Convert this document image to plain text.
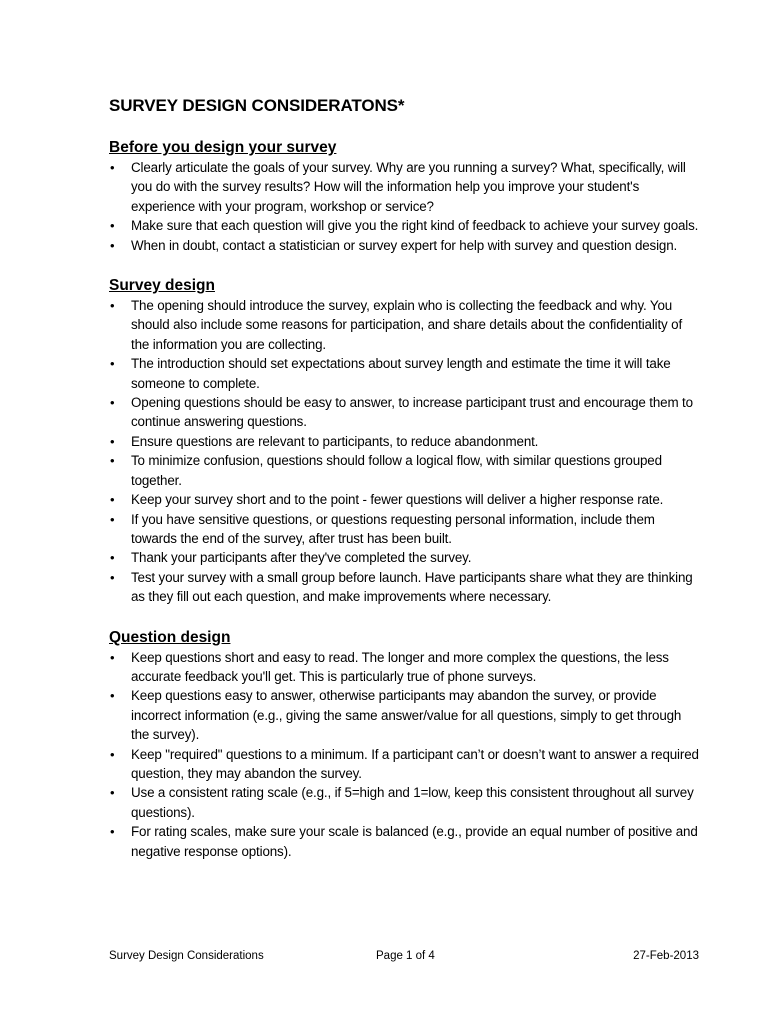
SURVEY DESIGN CONSIDERATONS*
Before you design your survey
• Clearly articulate the goals of your survey. Why are you running a survey? What, specifically, will you do with the survey results? How will the information help you improve your student's experience with your program, workshop or service?
• Make sure that each question will give you the right kind of feedback to achieve your survey goals.
• When in doubt, contact a statistician or survey expert for help with survey and question design.
Survey design
• The opening should introduce the survey, explain who is collecting the feedback and why. You should also include some reasons for participation, and share details about the confidentiality of the information you are collecting.
• The introduction should set expectations about survey length and estimate the time it will take someone to complete.
• Opening questions should be easy to answer, to increase participant trust and encourage them to continue answering questions.
• Ensure questions are relevant to participants, to reduce abandonment.
• To minimize confusion, questions should follow a logical flow, with similar questions grouped together.
• Keep your survey short and to the point - fewer questions will deliver a higher response rate.
• If you have sensitive questions, or questions requesting personal information, include them towards the end of the survey, after trust has been built.
• Thank your participants after they've completed the survey.
• Test your survey with a small group before launch. Have participants share what they are thinking as they fill out each question, and make improvements where necessary.
Question design
• Keep questions short and easy to read. The longer and more complex the questions, the less accurate feedback you'll get. This is particularly true of phone surveys.
• Keep questions easy to answer, otherwise participants may abandon the survey, or provide incorrect information (e.g., giving the same answer/value for all questions, simply to get through the survey).
• Keep "required" questions to a minimum. If a participant can’t or doesn’t want to answer a required question, they may abandon the survey.
• Use a consistent rating scale (e.g., if 5=high and 1=low, keep this consistent throughout all survey questions).
• For rating scales, make sure your scale is balanced (e.g., provide an equal number of positive and negative response options).
Survey Design Considerations	Page 1 of 4	27-Feb-2013
